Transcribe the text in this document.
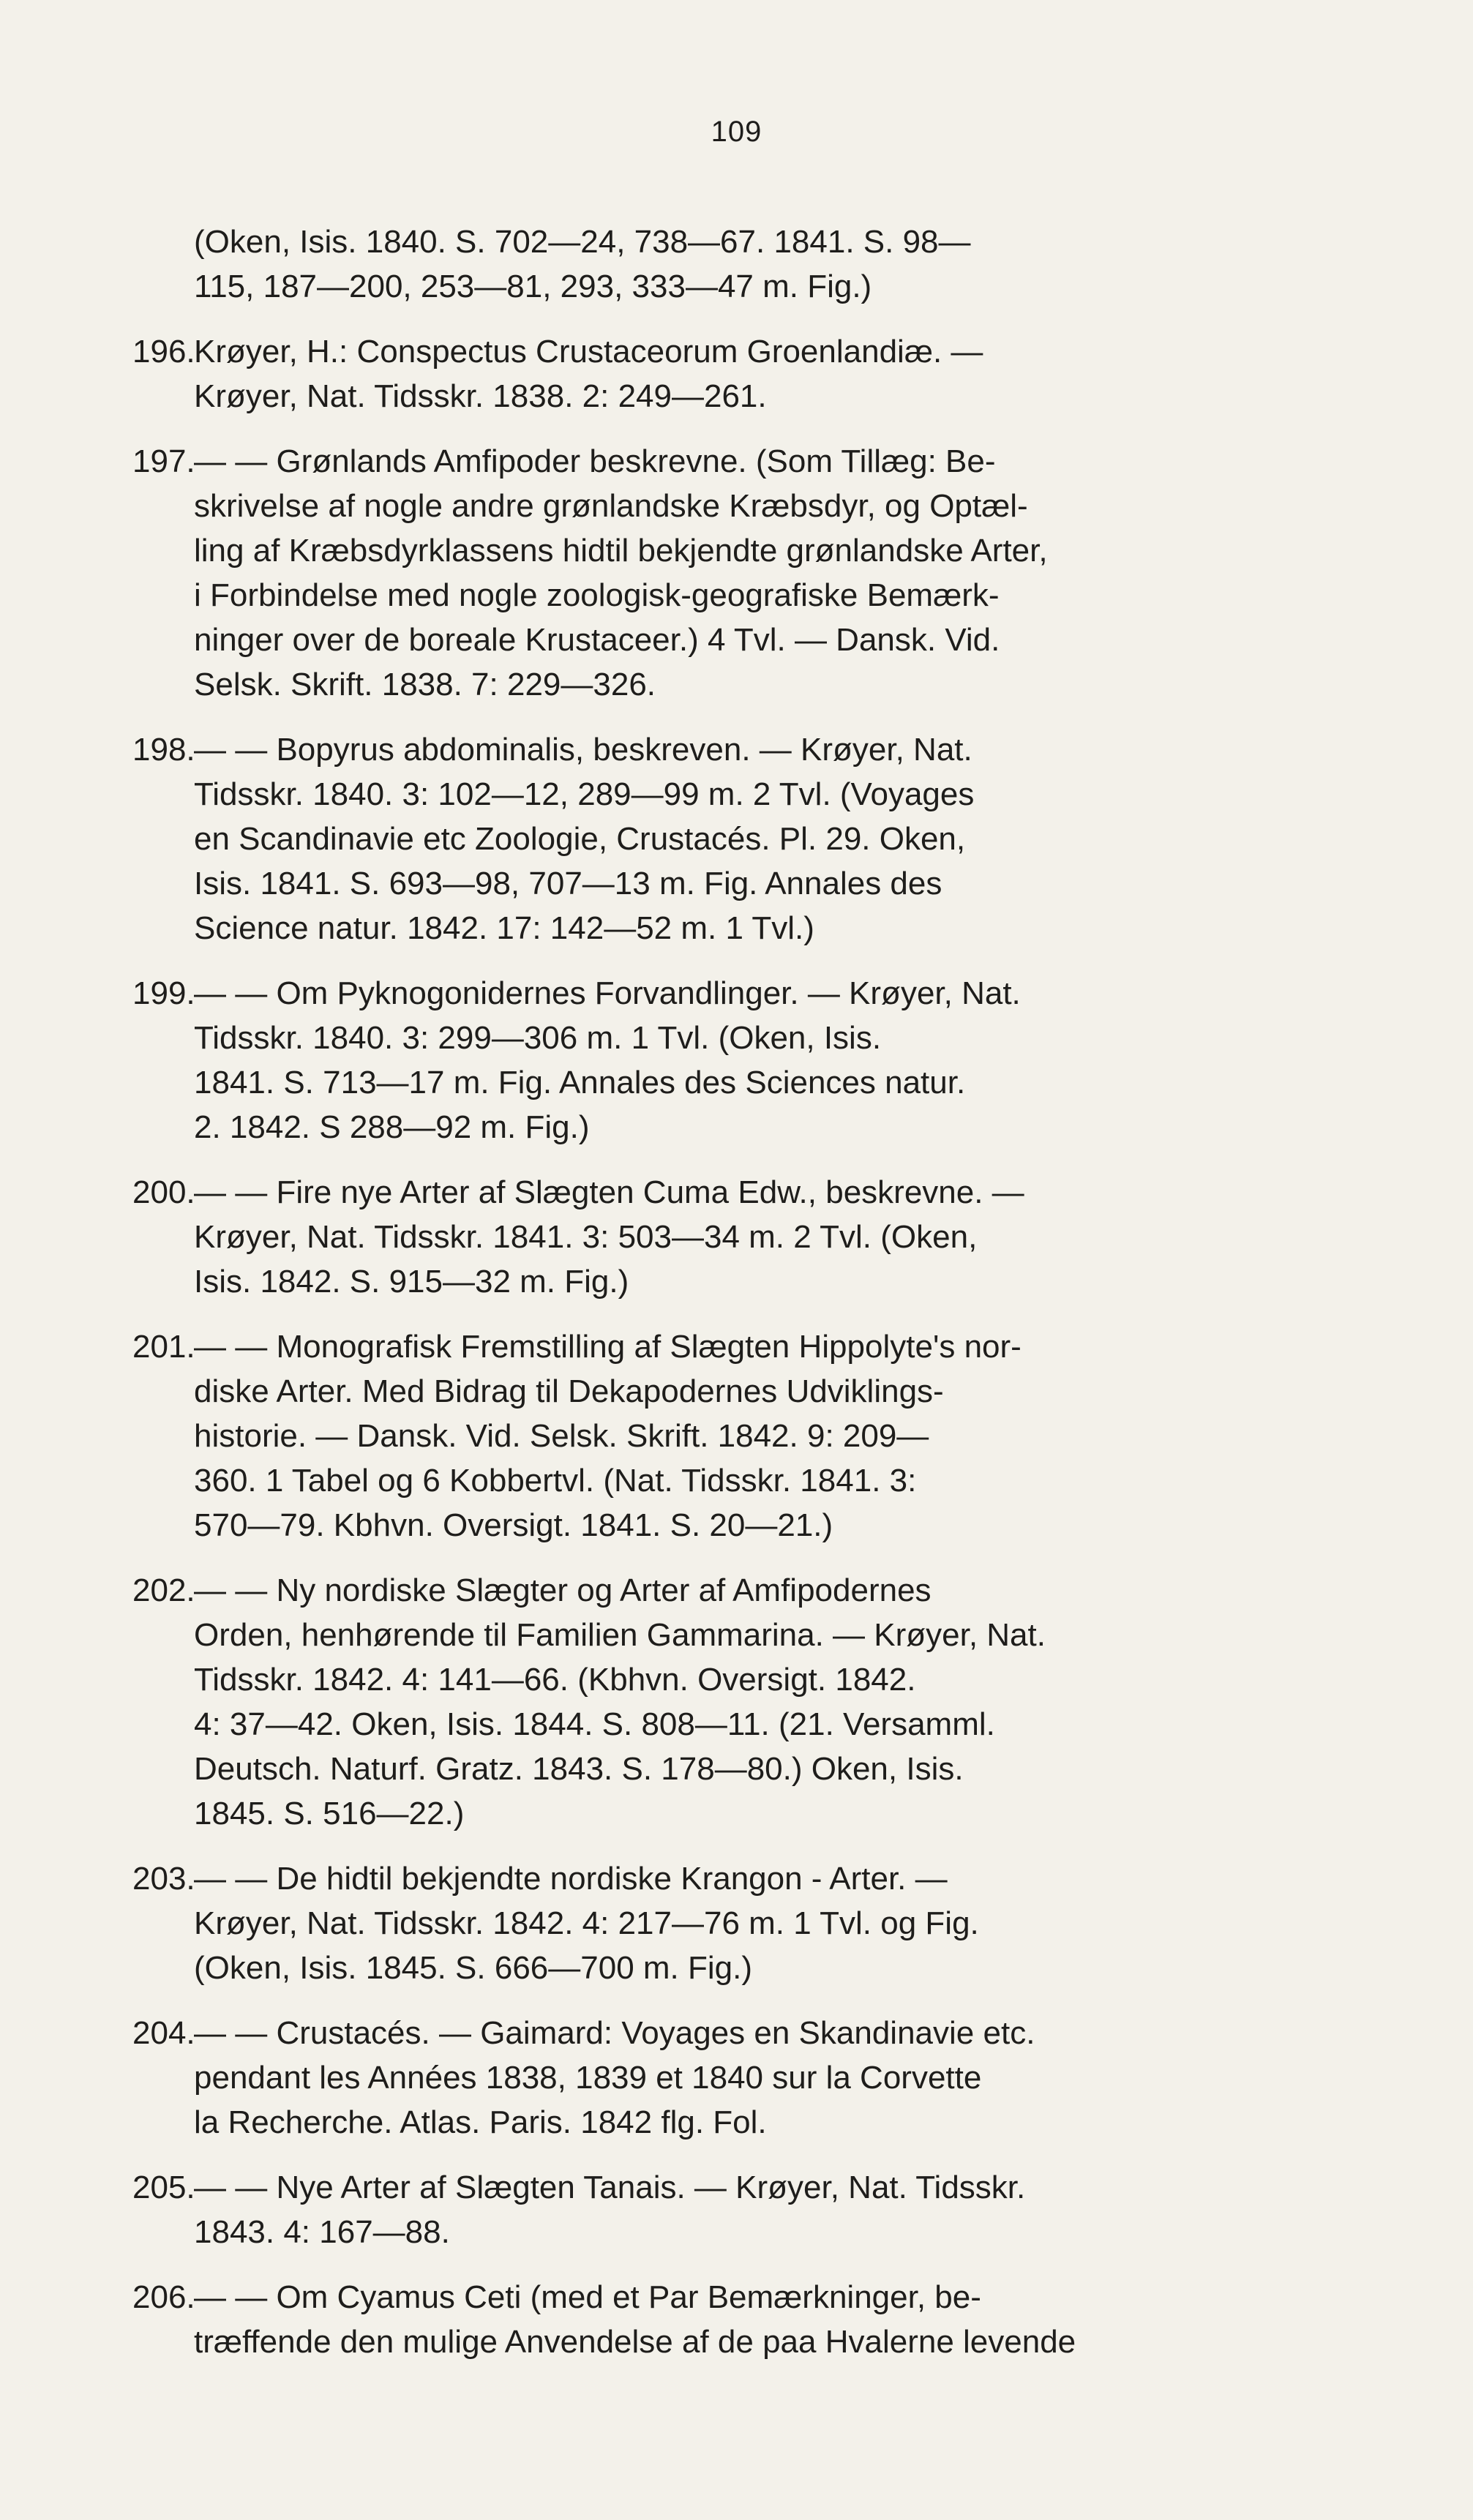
109
(Oken, Isis. 1840. S. 702—24, 738—67. 1841. S. 98—
115, 187—200, 253—81, 293, 333—47 m. Fig.)
196.
Krøyer, H.: Conspectus Crustaceorum Groenlandiæ. —
Krøyer, Nat. Tidsskr. 1838. 2: 249—261.
197.
— — Grønlands Amfipoder beskrevne. (Som Tillæg: Be-
skrivelse af nogle andre grønlandske Kræbsdyr, og Optæl-
ling af Kræbsdyrklassens hidtil bekjendte grønlandske Arter,
i Forbindelse med nogle zoologisk-geografiske Bemærk-
ninger over de boreale Krustaceer.) 4 Tvl. — Dansk. Vid.
Selsk. Skrift. 1838. 7: 229—326.
198.
— — Bopyrus abdominalis, beskreven. — Krøyer, Nat.
Tidsskr. 1840. 3: 102—12, 289—99 m. 2 Tvl. (Voyages
en Scandinavie etc Zoologie, Crustacés. Pl. 29. Oken,
Isis. 1841. S. 693—98, 707—13 m. Fig. Annales des
Science natur. 1842. 17: 142—52 m. 1 Tvl.)
199.
— — Om Pyknogonidernes Forvandlinger. — Krøyer, Nat.
Tidsskr. 1840. 3: 299—306 m. 1 Tvl. (Oken, Isis.
1841. S. 713—17 m. Fig. Annales des Sciences natur.
2. 1842. S 288—92 m. Fig.)
200.
— — Fire nye Arter af Slægten Cuma Edw., beskrevne. —
Krøyer, Nat. Tidsskr. 1841. 3: 503—34 m. 2 Tvl. (Oken,
Isis. 1842. S. 915—32 m. Fig.)
201.
— — Monografisk Fremstilling af Slægten Hippolyte's nor-
diske Arter. Med Bidrag til Dekapodernes Udviklings-
historie. — Dansk. Vid. Selsk. Skrift. 1842. 9: 209—
360. 1 Tabel og 6 Kobbertvl. (Nat. Tidsskr. 1841. 3:
570—79. Kbhvn. Oversigt. 1841. S. 20—21.)
202.
— — Ny nordiske Slægter og Arter af Amfipodernes
Orden, henhørende til Familien Gammarina. — Krøyer, Nat.
Tidsskr. 1842. 4: 141—66. (Kbhvn. Oversigt. 1842.
4: 37—42. Oken, Isis. 1844. S. 808—11. (21. Versamml.
Deutsch. Naturf. Gratz. 1843. S. 178—80.) Oken, Isis.
1845. S. 516—22.)
203.
— — De hidtil bekjendte nordiske Krangon - Arter. —
Krøyer, Nat. Tidsskr. 1842. 4: 217—76 m. 1 Tvl. og Fig.
(Oken, Isis. 1845. S. 666—700 m. Fig.)
204.
— — Crustacés. — Gaimard: Voyages en Skandinavie etc.
pendant les Années 1838, 1839 et 1840 sur la Corvette
la Recherche. Atlas. Paris. 1842 flg. Fol.
205.
— — Nye Arter af Slægten Tanais. — Krøyer, Nat. Tidsskr.
1843. 4: 167—88.
206.
— — Om Cyamus Ceti (med et Par Bemærkninger, be-
træffende den mulige Anvendelse af de paa Hvalerne levende
